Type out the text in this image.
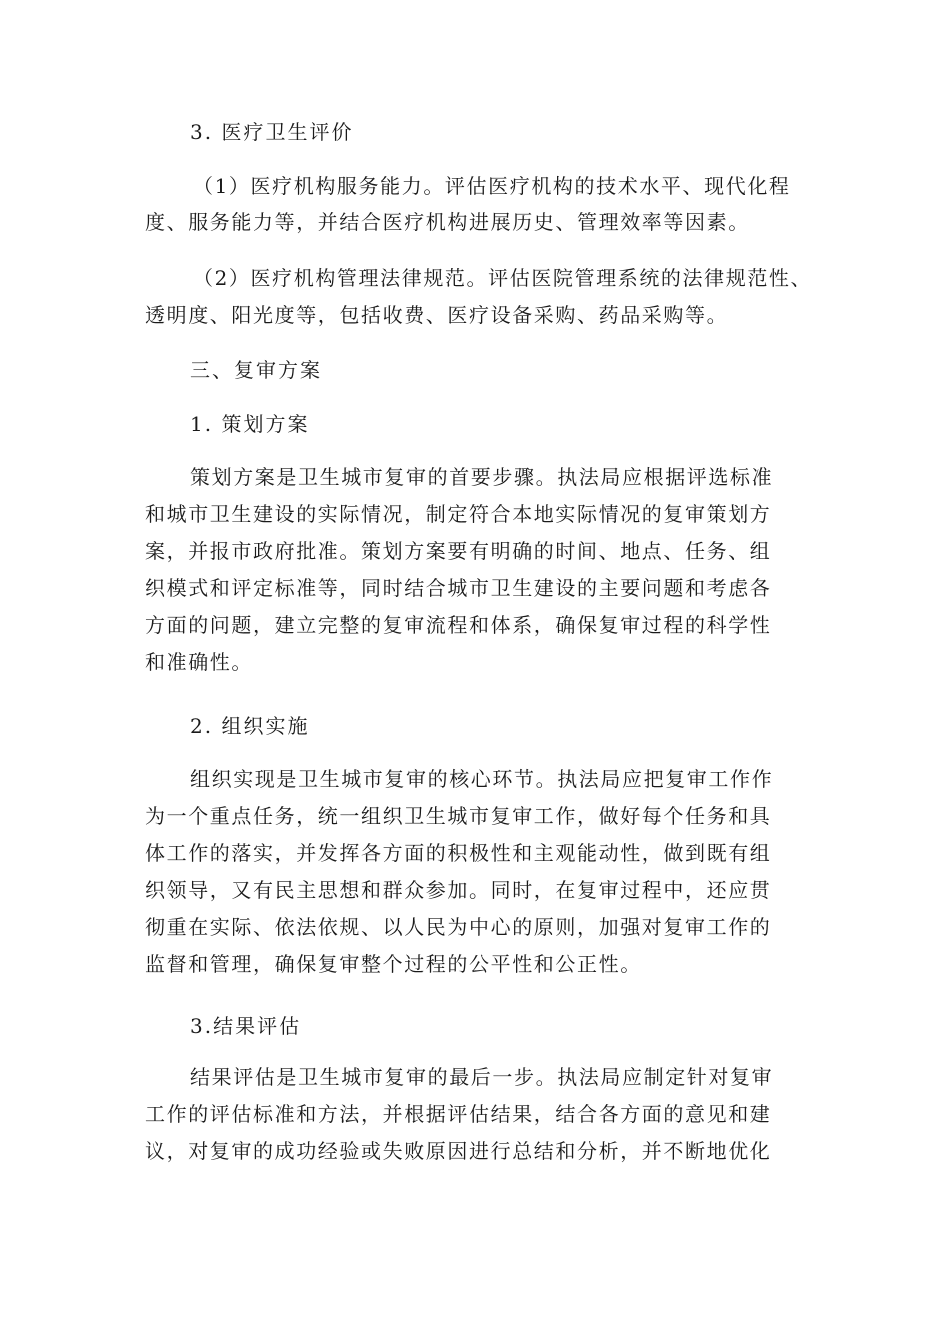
3. 医疗卫生评价
（1）医疗机构服务能力。评估医疗机构的技术水平、现代化程
度、服务能力等，并结合医疗机构进展历史、管理效率等因素。
（2）医疗机构管理法律规范。评估医院管理系统的法律规范性、
透明度、阳光度等，包括收费、医疗设备采购、药品采购等。
三、复审方案
1. 策划方案
策划方案是卫生城市复审的首要步骤。执法局应根据评选标准
和城市卫生建设的实际情况，制定符合本地实际情况的复审策划方
案，并报市政府批准。策划方案要有明确的时间、地点、任务、组
织模式和评定标准等，同时结合城市卫生建设的主要问题和考虑各
方面的问题，建立完整的复审流程和体系，确保复审过程的科学性
和准确性。
2. 组织实施
组织实现是卫生城市复审的核心环节。执法局应把复审工作作
为一个重点任务，统一组织卫生城市复审工作，做好每个任务和具
体工作的落实，并发挥各方面的积极性和主观能动性，做到既有组
织领导，又有民主思想和群众参加。同时，在复审过程中，还应贯
彻重在实际、依法依规、以人民为中心的原则，加强对复审工作的
监督和管理，确保复审整个过程的公平性和公正性。
3.结果评估
结果评估是卫生城市复审的最后一步。执法局应制定针对复审
工作的评估标准和方法，并根据评估结果，结合各方面的意见和建
议，对复审的成功经验或失败原因进行总结和分析，并不断地优化
